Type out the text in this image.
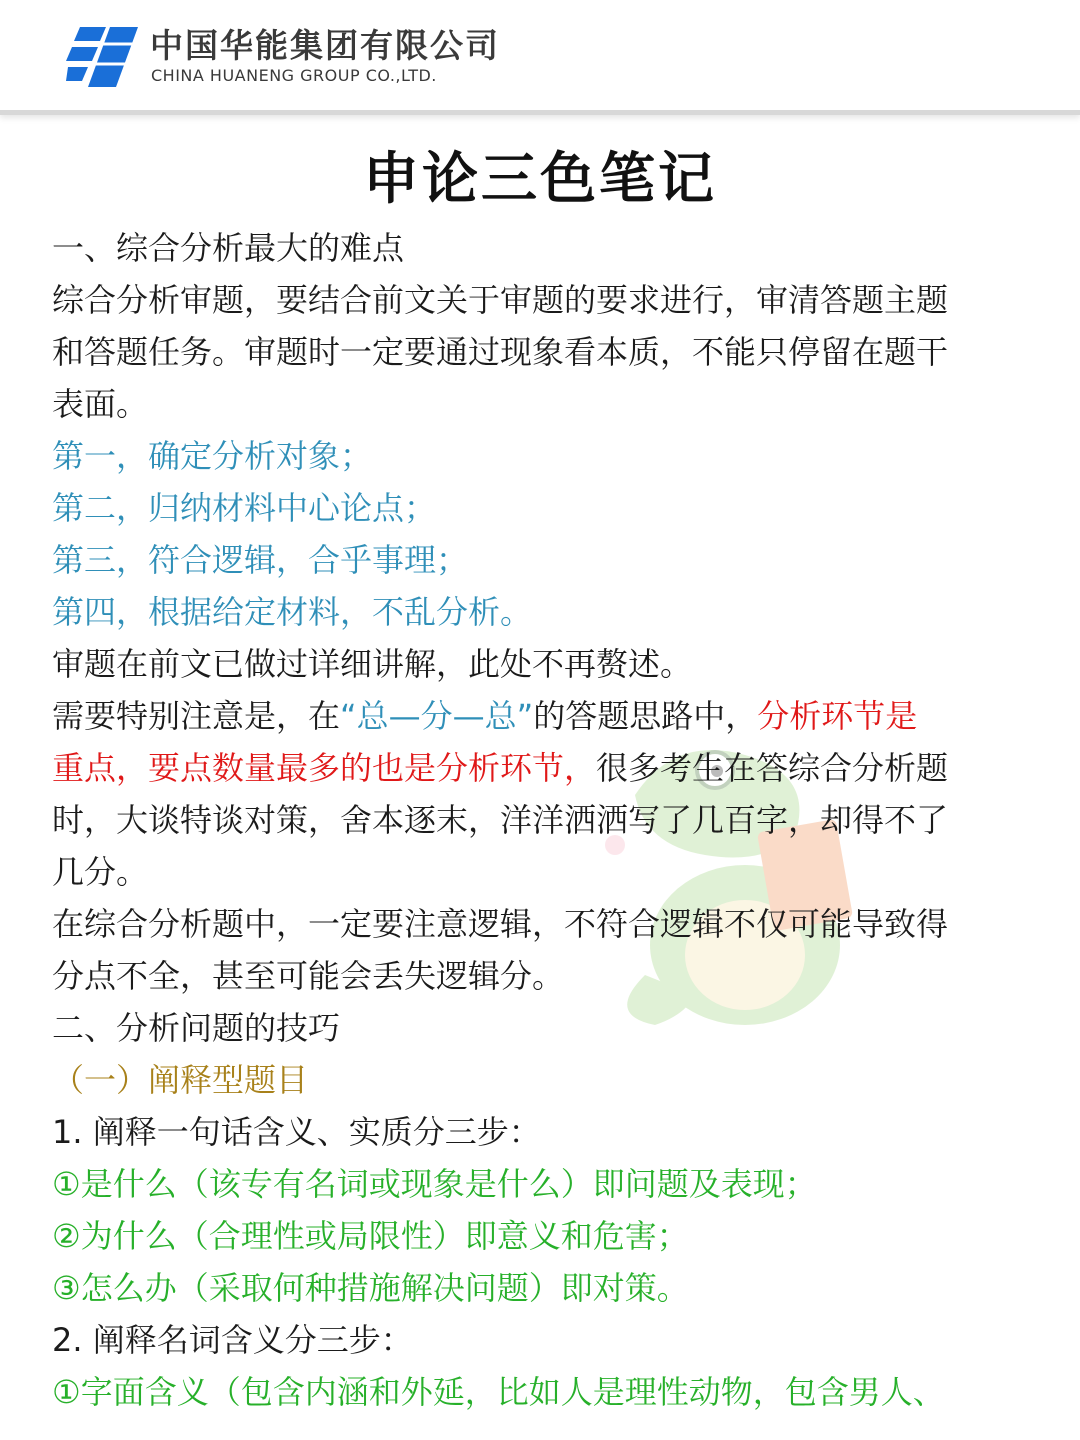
中国华能集团有限公司
CHINA HUANENG GROUP CO.,LTD.
申论三色笔记
一、综合分析最大的难点
综合分析审题，要结合前文关于审题的要求进行，审清答题主题
和答题任务。审题时一定要通过现象看本质，不能只停留在题干
表面。
第一，确定分析对象；
第二，归纳材料中心论点；
第三，符合逻辑，合乎事理；
第四，根据给定材料，不乱分析。
审题在前文已做过详细讲解，此处不再赘述。
需要特别注意是，在“总—分—总”的答题思路中，分析环节是
重点，要点数量最多的也是分析环节，很多考生在答综合分析题
时，大谈特谈对策，舍本逐末，洋洋洒洒写了几百字，却得不了
几分。
在综合分析题中，一定要注意逻辑，不符合逻辑不仅可能导致得
分点不全，甚至可能会丢失逻辑分。
二、分析问题的技巧
（一）阐释型题目
1. 阐释一句话含义、实质分三步：
①是什么（该专有名词或现象是什么）即问题及表现；
②为什么（合理性或局限性）即意义和危害；
③怎么办（采取何种措施解决问题）即对策。
2. 阐释名词含义分三步：
①字面含义（包含内涵和外延，比如人是理性动物，包含男人、
